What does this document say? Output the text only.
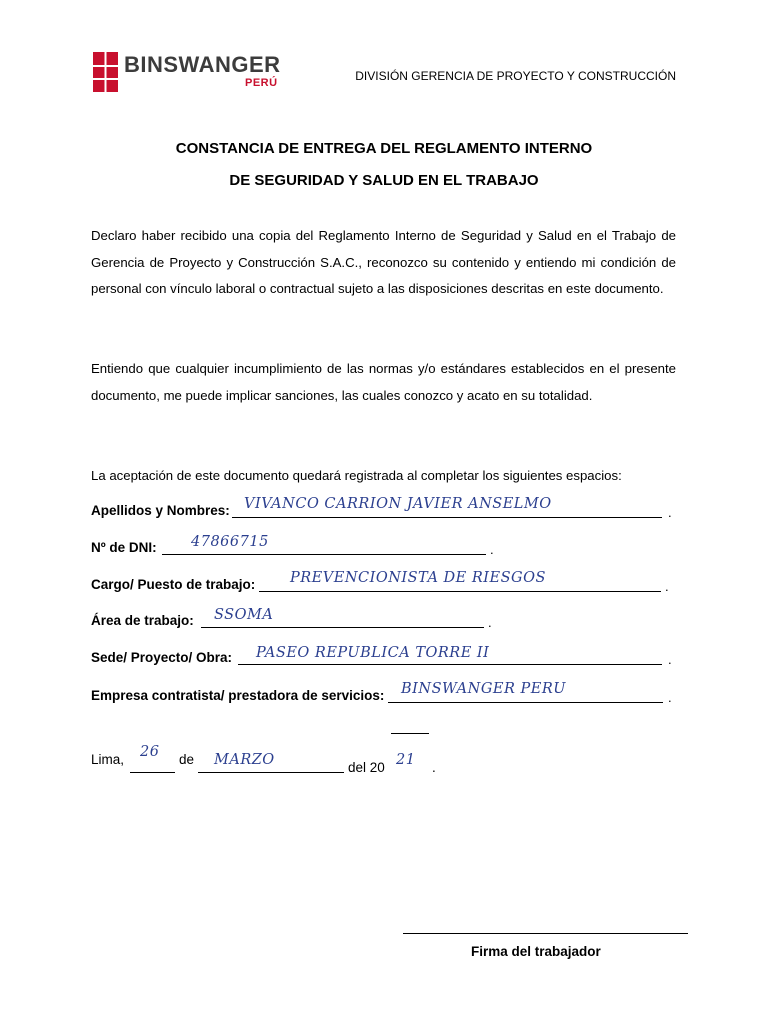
BINSWANGER
PERÚ	DIVISIÓN GERENCIA DE PROYECTO Y CONSTRUCCIÓN
CONSTANCIA DE ENTREGA DEL REGLAMENTO INTERNO
DE SEGURIDAD Y SALUD EN EL TRABAJO
Declaro haber recibido una copia del Reglamento Interno de Seguridad y Salud en el Trabajo de Gerencia de Proyecto y Construcción S.A.C., reconozco su contenido y entiendo mi condición de personal con vínculo laboral o contractual sujeto a las disposiciones descritas en este documento.
Entiendo que cualquier incumplimiento de las normas y/o estándares establecidos en el presente documento, me puede implicar sanciones, las cuales conozco y acato en su totalidad.
La aceptación de este documento quedará registrada al completar los siguientes espacios:
Apellidos y Nombres: VIVANCO CARRION JAVIER ANSELMO
.
Nº de DNI: 47866715	.
Cargo/ Puesto de trabajo: PREVENCIONISTA DE RIESGOS
.
Área de trabajo: SSOMA	.
Sede/ Proyecto/ Obra: PASEO REPUBLICA TORRE II	.
Empresa contratista/ prestadora de servicios: BINSWANGER PERU
.
Lima, 26 de MARZO	del 20 21 .
Firma del trabajador
